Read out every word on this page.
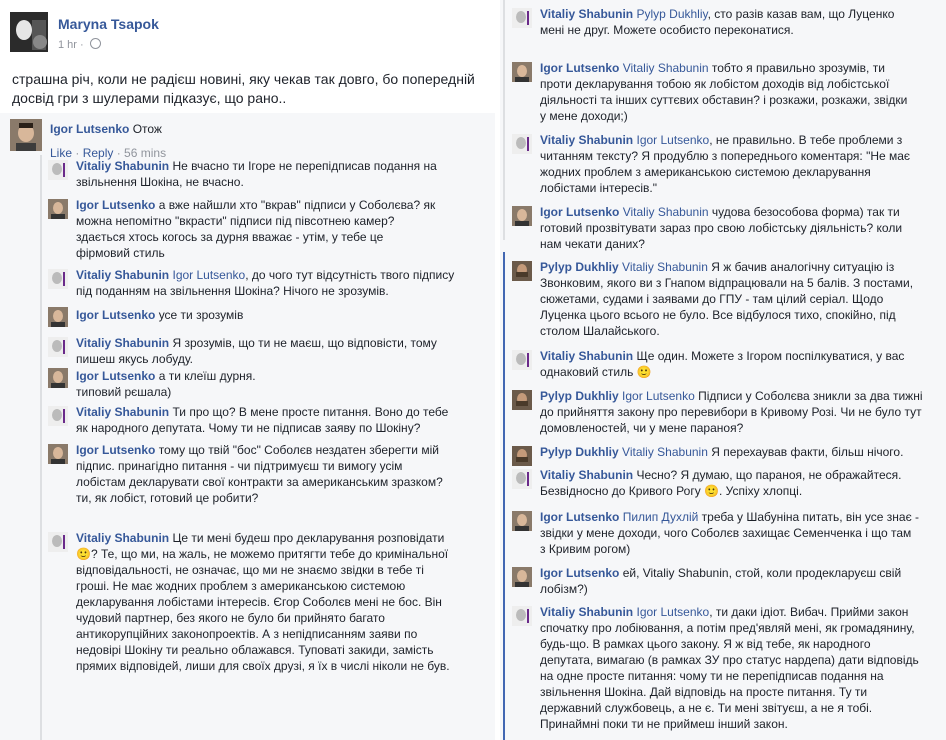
Maryna Tsapok
1 hr ·
страшна річ, коли не радієш новині, яку чекав так довго, бо попередній досвід гри з шулерами підказує, що рано..
Igor Lutsenko Отож
Like · Reply · 56 mins
Vitaliy Shabunin Не вчасно ти Ігоре не перепідписав подання на звільнення Шокіна, не вчасно.
Igor Lutsenko а вже найшли хто "вкрав" підписи у Соболєва? як можна непомітно "вкрасти" підписи під півсотнею камер? здається хтось когось за дурня вважає - утім, у тебе це фірмовий стиль
Vitaliy Shabunin Igor Lutsenko, до чого тут відсутність твого підпису під поданням на звільнення Шокіна? Нічого не зрозумів.
Igor Lutsenko усе ти зрозумів
Vitaliy Shabunin Я зрозумів, що ти не маєш, що відповісти, тому пишеш якусь лобуду.
Igor Lutsenko а ти клеїш дурня. типовий рєшала)
Vitaliy Shabunin Ти про що? В мене просте питання. Воно до тебе як народного депутата. Чому ти не підписав заяву по Шокіну?
Igor Lutsenko тому що твій "бос" Соболєв нездатен зберегти мій підпис. принагідно питання - чи підтримуєш ти вимогу усім лобістам декларувати свої контракти за американським зразком? ти, як лобіст, готовий це робити?
Vitaliy Shabunin Це ти мені будеш про декларування розповідати 🙂? Те, що ми, на жаль, не можемо притягти тебе до кримінальної відповідальності, не означає, що ми не знаємо звідки в тебе ті гроші. Не має жодних проблем з американською системою декларування лобістами інтересів. Єгор Соболєв мені не бос. Він чудовий партнер, без якого не було би прийнято багато антикорупційних законопроектів. А з непідписанням заяви по недовірі Шокіну ти реально облажався. Туповаті закиди, замість прямих відповідей, лиши для своїх друзі, я їх в числі ніколи не був.
Vitaliy Shabunin Pylyp Dukhliy, сто разів казав вам, що Луценко мені не друг. Можете особисто переконатися.
Igor Lutsenko Vitaliy Shabunin тобто я правильно зрозумів, ти проти декларування тобою як лобістом доходів від лобістської діяльності та інших суттєвих обставин? і розкажи, розкажи, звідки у мене доходи;)
Vitaliy Shabunin Igor Lutsenko, не правильно. В тебе проблеми з читанням тексту? Я продублю з попереднього коментаря: "Не має жодних проблем з американською системою декларування лобістами інтересів."
Igor Lutsenko Vitaliy Shabunin чудова безособова форма) так ти готовий прозвітувати зараз про свою лобістську діяльність? коли нам чекати даних?
Pylyp Dukhliy Vitaliy Shabunin Я ж бачив аналогічну ситуацію із Звонковим, якого ви з Гнапом відпрацювали на 5 балів. З постами, сюжетами, судами і заявами до ГПУ - там цілий серіал. Щодо Луценка цього всього не було. Все відбулося тихо, спокійно, під столом Шалайського.
Vitaliy Shabunin Ще один. Можете з Ігором поспілкуватися, у вас однаковий стиль 🙂
Pylyp Dukhliy Igor Lutsenko Підписи у Соболєва зникли за два тижні до прийняття закону про перевибори в Кривому Розі. Чи не було тут домовленостей, чи у мене параноя?
Pylyp Dukhliy Vitaliy Shabunin Я перехаував факти, більш нічого.
Vitaliy Shabunin Чесно? Я думаю, що параноя, не ображайтеся. Безвідносно до Кривого Рогу 🙂. Успіху хлопці.
Igor Lutsenko Пилип Духлій треба у Шабуніна питать, він усе знає - звідки у мене доходи, чого Соболєв захищає Семенченка і що там з Кривим рогом)
Igor Lutsenko ей, Vitaliy Shabunin, стой, коли продекларуєш свій лобізм?)
Vitaliy Shabunin Igor Lutsenko, ти даки ідіот. Вибач. Прийми закон спочатку про лобіювання, а потім пред'являй мені, як громадянину, будь-що. В рамках цього закону. Я ж від тебе, як народного депутата, вимагаю (в рамках ЗУ про статус нардепа) дати відповідь на одне просте питання: чому ти не перепідписав подання на звільнення Шокіна. Дай відповідь на просте питання. Ту ти державний службовець, а не є. Ти мені звітуєш, а не я тобі. Принаймні поки ти не приймеш інший закон.
